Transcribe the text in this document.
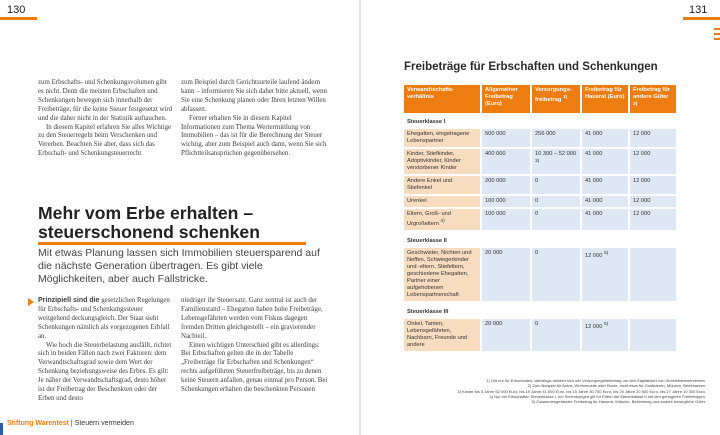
130	131

zum Erbschafts- und Schenkungsvolumen gibt es nicht. Denn die meisten Erbschaften und Schenkungen bewegen sich innerhalb der Freibeträge, für die keine Steuer festgesetzt wird und die daher nicht in der Statistik auftauchen.

In diesem Kapitel erfahren Sie alles Wichtige zu den Steuerregeln beim Verschenken und Vererben. Beachten Sie aber, dass sich das Erbschaft- und Schenkungsteuerrecht

zum Beispiel durch Gerichtsurteile laufend ändern kann – informieren Sie sich daher bitte aktuell, wenn Sie eine Schenkung planen oder Ihren letzten Willen abfassen.

Ferner erhalten Sie in diesem Kapitel Informationen zum Thema Wertermittlung von Immobilien – das ist für die Berechnung der Steuer wichtig, aber zum Beispiel auch dann, wenn Sie sich Pflichtteilsansprüchen gegenübersehen.

Mehr vom Erbe erhalten – steuerschonend schenken
Mit etwas Planung lassen sich Immobilien steuersparend auf die nächste Generation übertragen. Es gibt viele Möglichkeiten, aber auch Fallstricke.

Prinzipiell sind die gesetzlichen Regelungen für Erbschafts- und Schenkungssteuer weitgehend deckungsgleich. Der Staat sieht Schenkungen nämlich als vorgezogenen Erbfall an.

Wie hoch die Steuerbelastung ausfällt, richtet sich in beiden Fällen nach zwei Faktoren: dem Verwandtschaftsgrad sowie dem Wert der Schenkung beziehungsweise des Erbes. Es gilt: Je näher der Verwandtschaftsgrad, desto höher ist der Freibetrag der Beschenkten oder der Erben und desto

niedriger ihr Steuersatz. Ganz zentral ist auch der Familienstand – Ehegatten haben hohe Freibeträge, Lebensgefährten werden vom Fiskus dagegen fremden Dritten gleichgestellt – ein gravierender Nachteil.

Einen wichtigen Unterschied gibt es allerdings: Bei Erbschaften gelten die in der Tabelle „Freibeträge für Erbschaften und Schenkungen“ rechts aufgeführten Steuerfreibeträge, bis zu denen keine Steuern anfallen, genau einmal pro Person. Bei Schenkungen erhalten die beschenkten Personen

Stiftung Warentest | Steuern vermeiden
Freibeträge für Erbschaften und Schenkungen
Verwandtschafts-verhältnis	Allgemeiner Freibetrag (Euro)	Versorgungs-freibetrag $^{1)}$	Freibetrag für Hausrat (Euro)	Freibetrag für andere Güter $^{2)}$
Steuerklasse I				
Ehegatten, eingetragene Lebenspartner	500 000	256 000	41 000	12 000
Kinder, Stiefkinder, Adoptivkinder, Kinder verstorbener Kinder	400 000	10 300 – 52 000 $^{3)}$	41 000	12 000
Andere Enkel und Stiefenkel	200 000	0	41 000	12 000
Urenkel	100 000	0	41 000	12 000
Eltern, Groß- und Urgroßeltern $^{4)}$	100 000	0	41 000	12 000
Steuerklasse II				
Geschwister, Nichten und Neffen, Schwiegerkinder und -eltern, Stiefeltern, geschiedene Ehegatten, Partner einer aufgehobenen Lebenspartnerschaft	20 000	0	12 000 $^{5)}$	
Steuerklasse III				
Onkel, Tanten, Lebensgefährten, Nachbarn, Freunde und andere	20 000	0	12 000 $^{5)}$	
1) Gilt nur für Erbschaften, allerdings mindert sich der Versorgungsfreibetrag um den Kapitalwert von Hinterbliebenenrenten.
2) Zum Beispiel für Autos, Wohnmobile oder Boote, nicht etwa für Goldbarren, Münzen, Briefmarken.
3) Kinder bis 5 Jahre 52 000 Euro, bis 10 Jahre 41 000 Euro, bis 15 Jahre 30 700 Euro, bis 20 Jahre 20 500 Euro, bis 27 Jahre 10 300 Euro.
4) Nur bei Erbschaften Steuerklasse I, bei Schenkungen gilt für Eltern die Steuerklasse II mit den geringeren Freibeträgen.
5) Zusammengefasster Freibetrag für Hausrat, Wäsche, Bekleidung und andere bewegliche Güter.
